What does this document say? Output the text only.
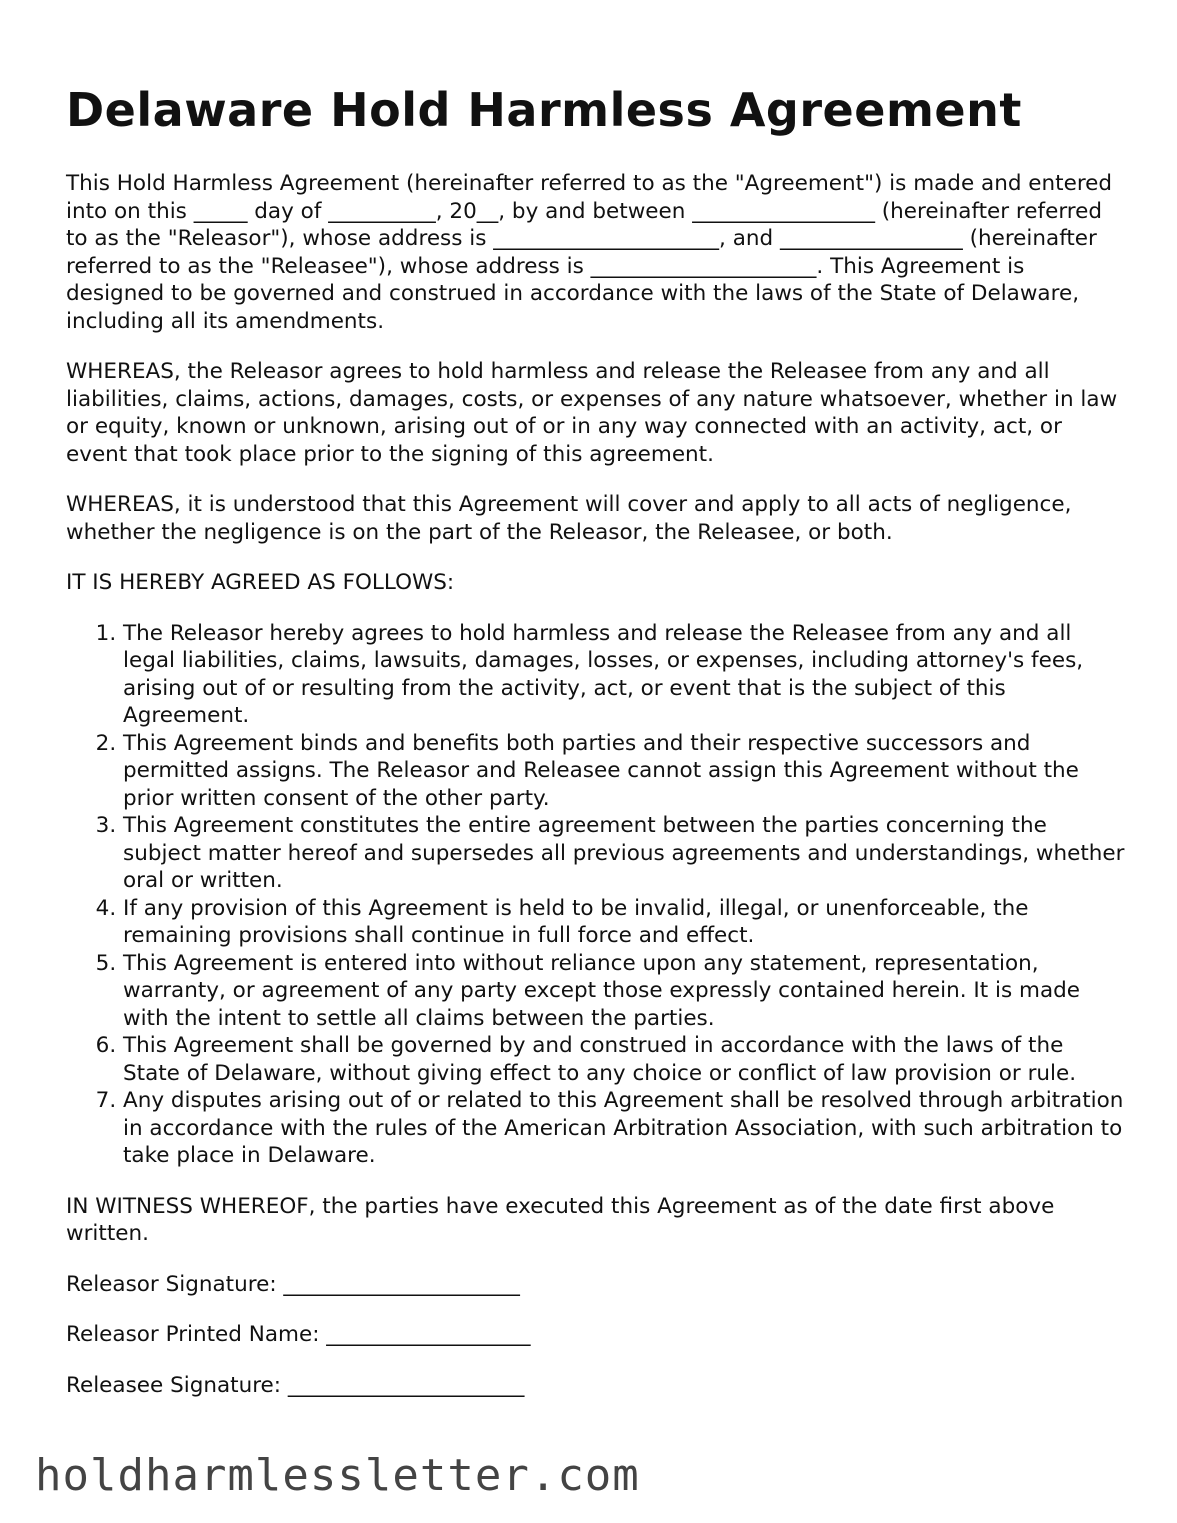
Delaware Hold Harmless Agreement

This Hold Harmless Agreement (hereinafter referred to as the "Agreement") is made and entered into on this _____ day of __________, 20__, by and between _________________ (hereinafter referred to as the "Releasor"), whose address is _____________________, and _________________ (hereinafter referred to as the "Releasee"), whose address is _____________________. This Agreement is designed to be governed and construed in accordance with the laws of the State of Delaware, including all its amendments.

WHEREAS, the Releasor agrees to hold harmless and release the Releasee from any and all liabilities, claims, actions, damages, costs, or expenses of any nature whatsoever, whether in law or equity, known or unknown, arising out of or in any way connected with an activity, act, or event that took place prior to the signing of this agreement.

WHEREAS, it is understood that this Agreement will cover and apply to all acts of negligence, whether the negligence is on the part of the Releasor, the Releasee, or both.

IT IS HEREBY AGREED AS FOLLOWS:

1. The Releasor hereby agrees to hold harmless and release the Releasee from any and all legal liabilities, claims, lawsuits, damages, losses, or expenses, including attorney's fees, arising out of or resulting from the activity, act, or event that is the subject of this Agreement.
2. This Agreement binds and benefits both parties and their respective successors and permitted assigns. The Releasor and Releasee cannot assign this Agreement without the prior written consent of the other party.
3. This Agreement constitutes the entire agreement between the parties concerning the subject matter hereof and supersedes all previous agreements and understandings, whether oral or written.
4. If any provision of this Agreement is held to be invalid, illegal, or unenforceable, the remaining provisions shall continue in full force and effect.
5. This Agreement is entered into without reliance upon any statement, representation, warranty, or agreement of any party except those expressly contained herein. It is made with the intent to settle all claims between the parties.
6. This Agreement shall be governed by and construed in accordance with the laws of the State of Delaware, without giving effect to any choice or conflict of law provision or rule.
7. Any disputes arising out of or related to this Agreement shall be resolved through arbitration in accordance with the rules of the American Arbitration Association, with such arbitration to take place in Delaware.

IN WITNESS WHEREOF, the parties have executed this Agreement as of the date first above written.

Releasor Signature: ______________________
Releasor Printed Name: ___________________
Releasee Signature: ______________________
holdharmlessletter.com
